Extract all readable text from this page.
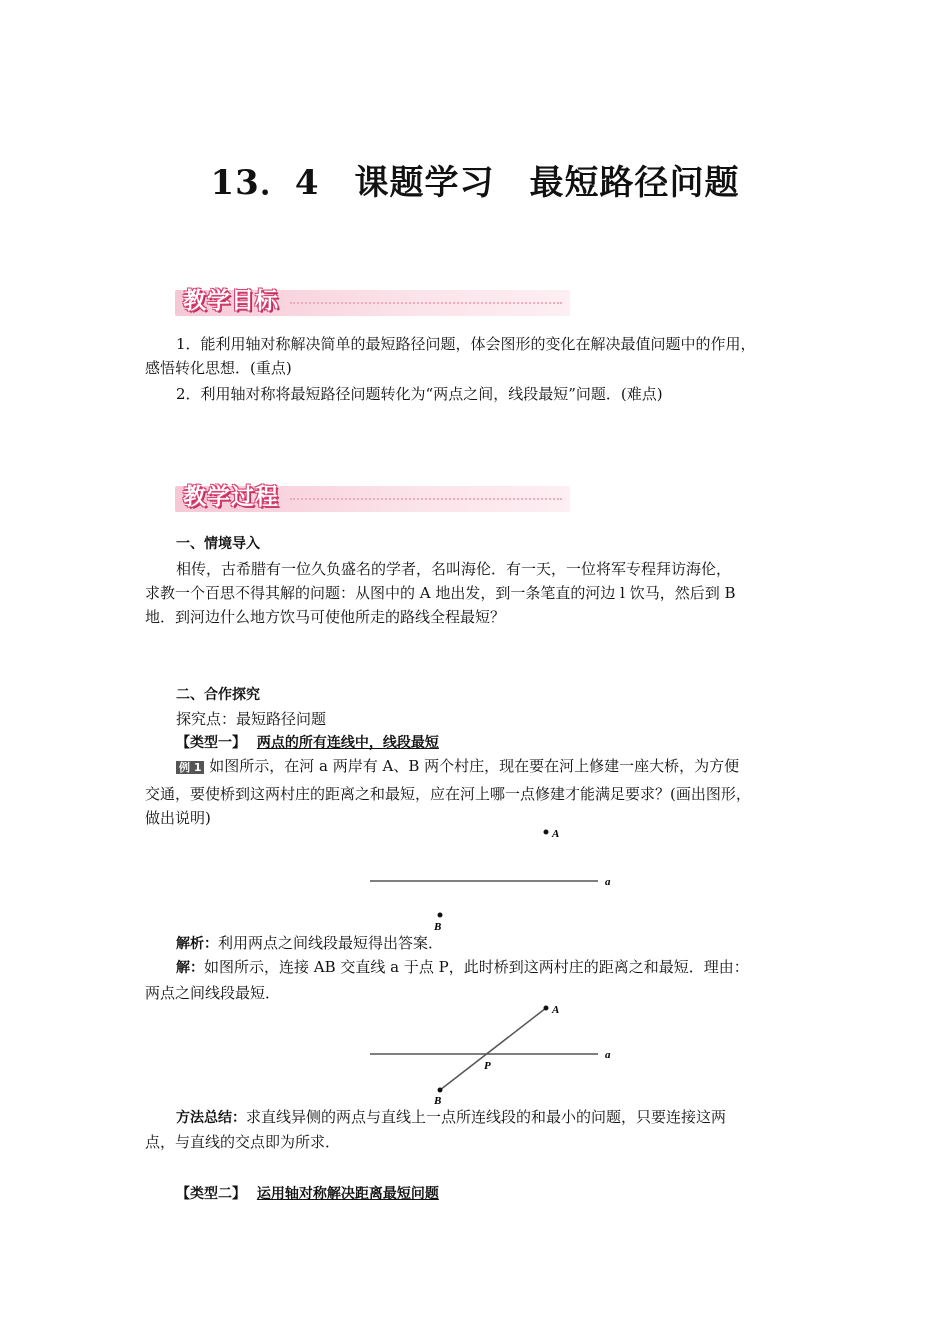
13．4　课题学习　最短路径问题
教学目标
1．能利用轴对称解决简单的最短路径问题，体会图形的变化在解决最值问题中的作用，
感悟转化思想．(重点)
2．利用轴对称将最短路径问题转化为“两点之间，线段最短”问题．(难点)
教学过程
一、情境导入
相传，古希腊有一位久负盛名的学者，名叫海伦．有一天，一位将军专程拜访海伦，
求教一个百思不得其解的问题：从图中的 A 地出发，到一条笔直的河边 l 饮马，然后到 B
地．到河边什么地方饮马可使他所走的路线全程最短？
二、合作探究
探究点：最短路径问题
【类型一】 两点的所有连线中，线段最短
例 1 如图所示，在河 a 两岸有 A、B 两个村庄，现在要在河上修建一座大桥，为方便
交通，要使桥到这两村庄的距离之和最短，应在河上哪一点修建才能满足要求？(画出图形，
做出说明)
A
a
B
解析：利用两点之间线段最短得出答案．
解：如图所示，连接 AB 交直线 a 于点 P，此时桥到这两村庄的距离之和最短．理由：
两点之间线段最短．
A
a
P
B
方法总结：求直线异侧的两点与直线上一点所连线段的和最小的问题，只要连接这两
点，与直线的交点即为所求．
【类型二】 运用轴对称解决距离最短问题
